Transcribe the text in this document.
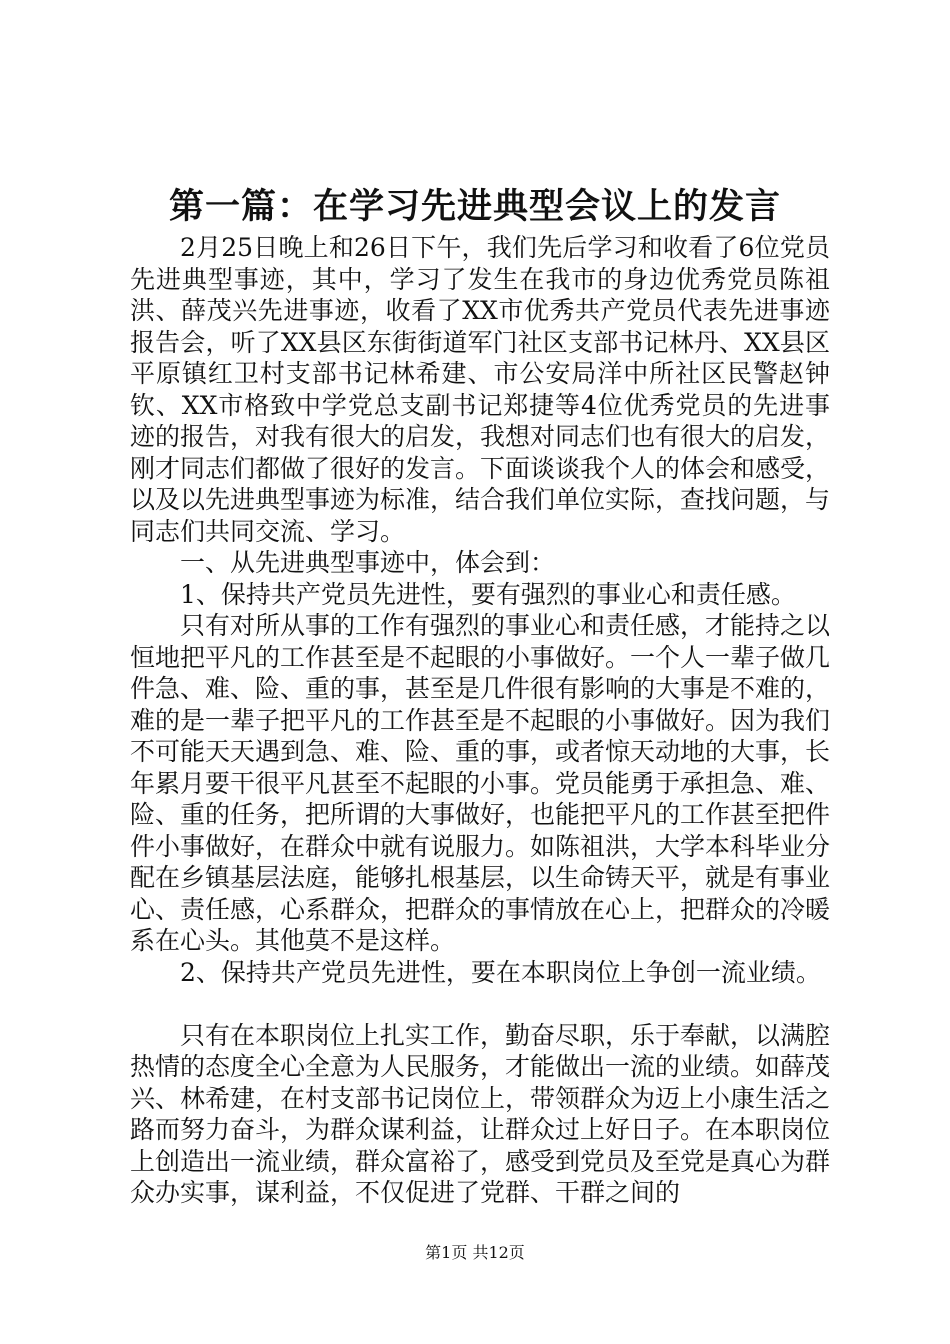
第一篇：在学习先进典型会议上的发言

2月25日晚上和26日下午，我们先后学习和收看了6位党员先进典型事迹，其中，学习了发生在我市的身边优秀党员陈祖洪、薛茂兴先进事迹，收看了XX市优秀共产党员代表先进事迹报告会，听了XX县区东街街道军门社区支部书记林丹、XX县区平原镇红卫村支部书记林希建、市公安局洋中所社区民警赵钟钦、XX市格致中学党总支副书记郑捷等4位优秀党员的先进事迹的报告，对我有很大的启发，我想对同志们也有很大的启发，刚才同志们都做了很好的发言。下面谈谈我个人的体会和感受，以及以先进典型事迹为标准，结合我们单位实际，查找问题，与同志们共同交流、学习。

一、从先进典型事迹中，体会到：

1、保持共产党员先进性，要有强烈的事业心和责任感。

只有对所从事的工作有强烈的事业心和责任感，才能持之以恒地把平凡的工作甚至是不起眼的小事做好。一个人一辈子做几件急、难、险、重的事，甚至是几件很有影响的大事是不难的，难的是一辈子把平凡的工作甚至是不起眼的小事做好。因为我们不可能天天遇到急、难、险、重的事，或者惊天动地的大事，长年累月要干很平凡甚至不起眼的小事。党员能勇于承担急、难、险、重的任务，把所谓的大事做好，也能把平凡的工作甚至把件件小事做好，在群众中就有说服力。如陈祖洪，大学本科毕业分配在乡镇基层法庭，能够扎根基层，以生命铸天平，就是有事业心、责任感，心系群众，把群众的事情放在心上，把群众的冷暖系在心头。其他莫不是这样。

2、保持共产党员先进性，要在本职岗位上争创一流业绩。

只有在本职岗位上扎实工作，勤奋尽职，乐于奉献，以满腔热情的态度全心全意为人民服务，才能做出一流的业绩。如薛茂兴、林希建，在村支部书记岗位上，带领群众为迈上小康生活之路而努力奋斗，为群众谋利益，让群众过上好日子。在本职岗位上创造出一流业绩，群众富裕了，感受到党员及至党是真心为群众办实事，谋利益，不仅促进了党群、干群之间的

第1页 共12页
